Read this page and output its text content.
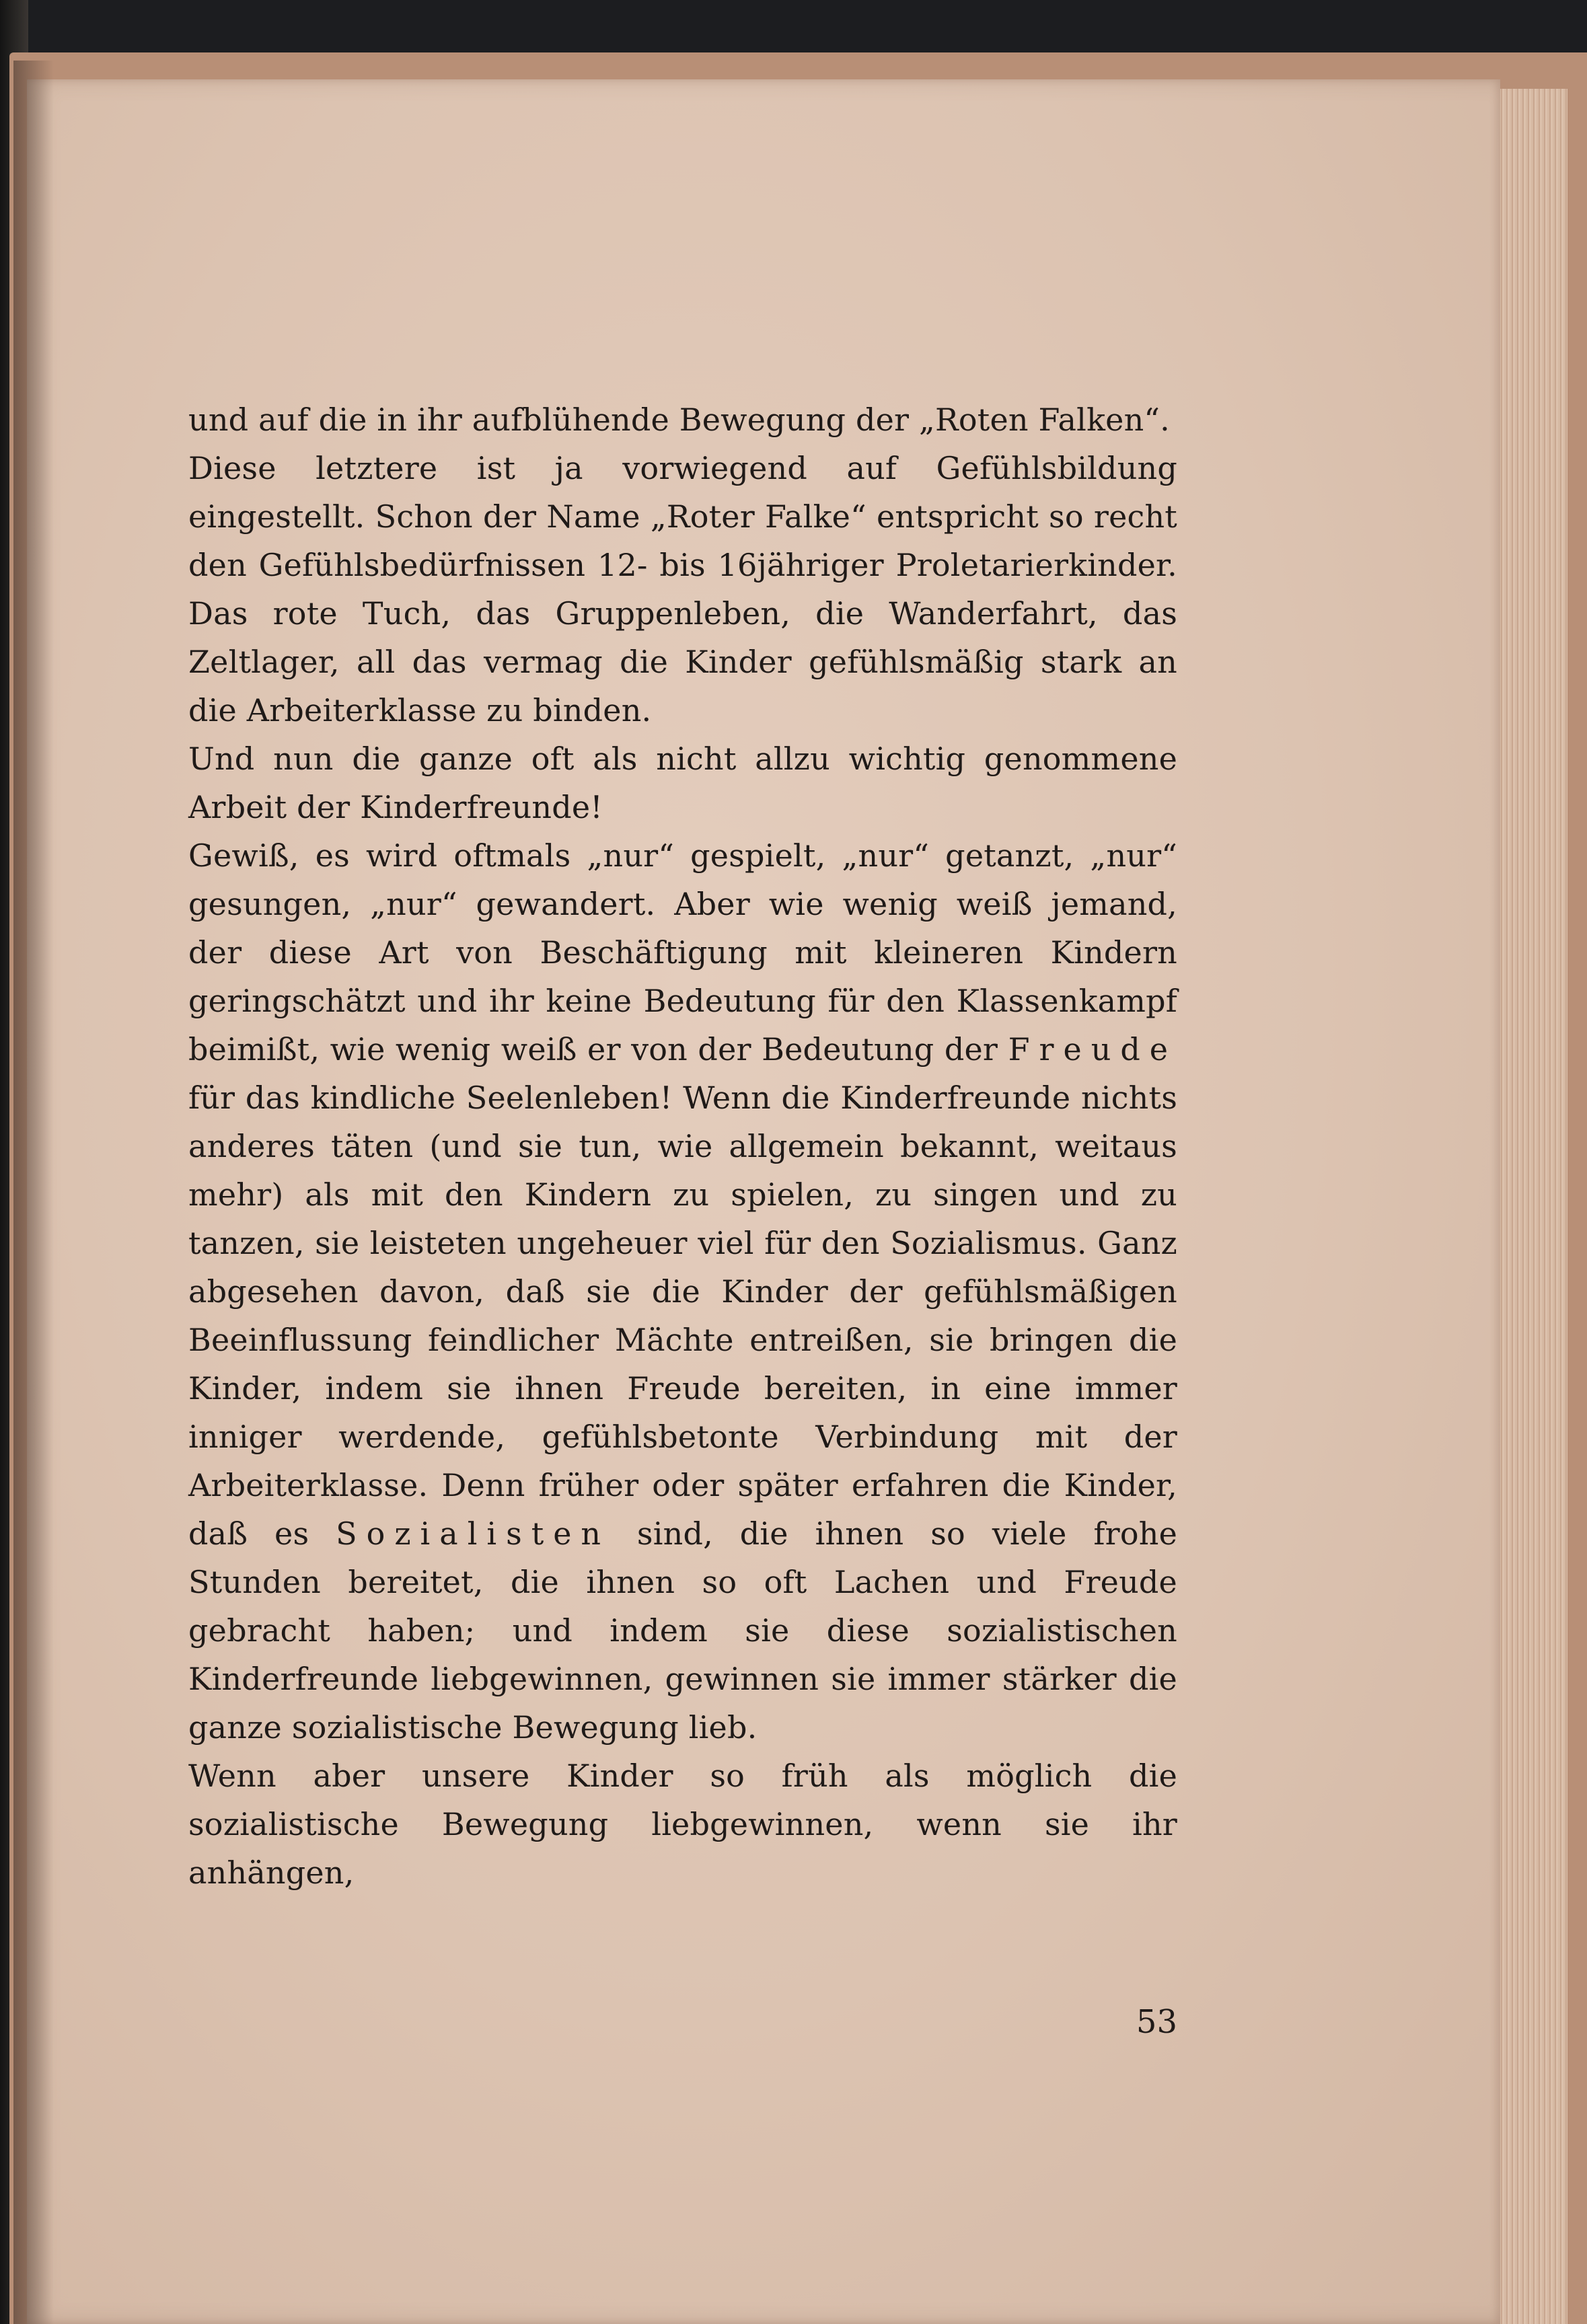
und auf die in ihr aufblühende Bewegung der „Roten Falken“.

Diese letztere ist ja vorwiegend auf Gefühlsbildung eingestellt. Schon der Name „Roter Falke“ entspricht so recht den Gefühlsbedürfnissen 12- bis 16jähriger Proletarierkinder. Das rote Tuch, das Gruppenleben, die Wanderfahrt, das Zeltlager, all das vermag die Kinder gefühlsmäßig stark an die Arbeiterklasse zu binden.

Und nun die ganze oft als nicht allzu wichtig genommene Arbeit der Kinderfreunde!

Gewiß, es wird oftmals „nur“ gespielt, „nur“ getanzt, „nur“ gesungen, „nur“ gewandert. Aber wie wenig weiß jemand, der diese Art von Beschäftigung mit kleineren Kindern geringschätzt und ihr keine Bedeutung für den Klassenkampf beimißt, wie wenig weiß er von der Bedeutung der Freude für das kindliche Seelenleben! Wenn die Kinderfreunde nichts anderes täten (und sie tun, wie allgemein bekannt, weitaus mehr) als mit den Kindern zu spielen, zu singen und zu tanzen, sie leisteten ungeheuer viel für den Sozialismus. Ganz abgesehen davon, daß sie die Kinder der gefühlsmäßigen Beeinflussung feindlicher Mächte entreißen, sie bringen die Kinder, indem sie ihnen Freude bereiten, in eine immer inniger werdende, gefühlsbetonte Verbindung mit der Arbeiterklasse. Denn früher oder später erfahren die Kinder, daß es Sozialisten sind, die ihnen so viele frohe Stunden bereitet, die ihnen so oft Lachen und Freude gebracht haben; und indem sie diese sozialistischen Kinderfreunde liebgewinnen, gewinnen sie immer stärker die ganze sozialistische Bewegung lieb.

Wenn aber unsere Kinder so früh als möglich die sozialistische Bewegung liebgewinnen, wenn sie ihr anhängen,

53
